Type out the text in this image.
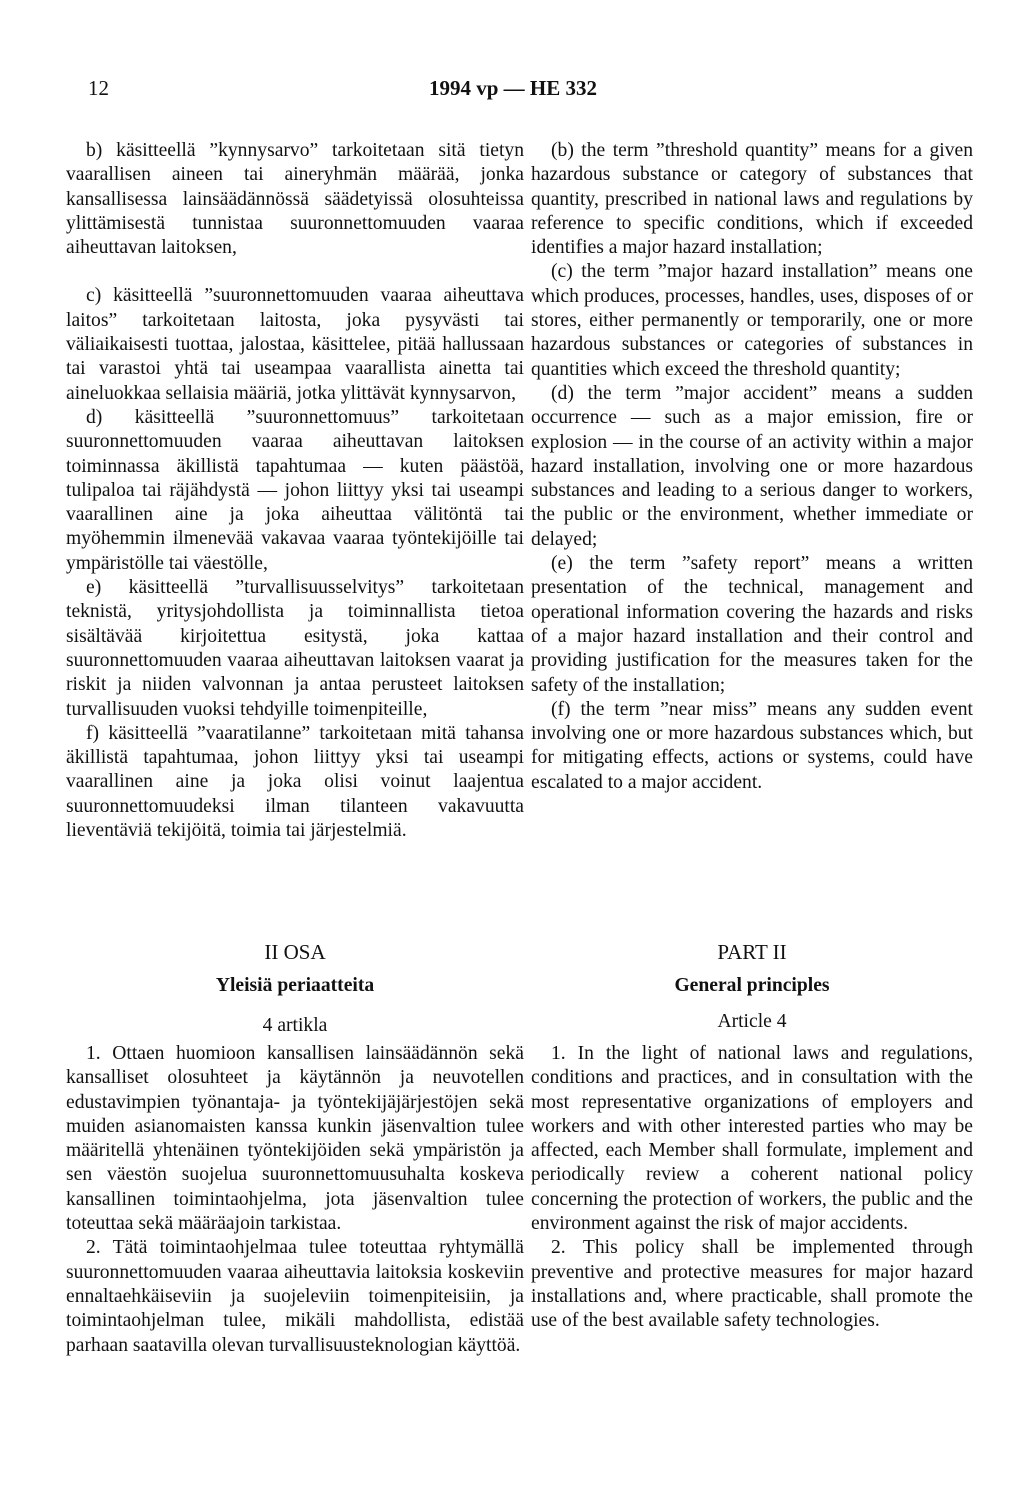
12	1994 vp — HE 332

b) käsitteellä ”kynnysarvo” tarkoitetaan sitä tietyn vaarallisen aineen tai aineryhmän määrää, jonka kansallisessa lainsäädännössä säädetyissä olosuhteissa ylittämisestä tunnistaa suuronnettomuuden vaaraa aiheuttavan laitoksen,

c) käsitteellä ”suuronnettomuuden vaaraa aiheuttava laitos” tarkoitetaan laitosta, joka pysyvästi tai väliaikaisesti tuottaa, jalostaa, käsittelee, pitää hallussaan tai varastoi yhtä tai useampaa vaarallista ainetta tai aineluokkaa sellaisia määriä, jotka ylittävät kynnysarvon,

d) käsitteellä ”suuronnettomuus” tarkoitetaan suuronnettomuuden vaaraa aiheuttavan laitoksen toiminnassa äkillistä tapahtumaa — kuten päästöä, tulipaloa tai räjähdystä — johon liittyy yksi tai useampi vaarallinen aine ja joka aiheuttaa välitöntä tai myöhemmin ilmenevää vakavaa vaaraa työntekijöille tai ympäristölle tai väestölle,

e) käsitteellä ”turvallisuusselvitys” tarkoitetaan teknistä, yritysjohdollista ja toiminnallista tietoa sisältävää kirjoitettua esitystä, joka kattaa suuronnettomuuden vaaraa aiheuttavan laitoksen vaarat ja riskit ja niiden valvonnan ja antaa perusteet laitoksen turvallisuuden vuoksi tehdyille toimenpiteille,

f) käsitteellä ”vaaratilanne” tarkoitetaan mitä tahansa äkillistä tapahtumaa, johon liittyy yksi tai useampi vaarallinen aine ja joka olisi voinut laajentua suuronnettomuudeksi ilman tilanteen vakavuutta lieventäviä tekijöitä, toimia tai järjestelmiä.

(b) the term ”threshold quantity” means for a given hazardous substance or category of substances that quantity, prescribed in national laws and regulations by reference to specific conditions, which if exceeded identifies a major hazard installation;

(c) the term ”major hazard installation” means one which produces, processes, handles, uses, disposes of or stores, either permanently or temporarily, one or more hazardous substances or categories of substances in quantities which exceed the threshold quantity;

(d) the term ”major accident” means a sudden occurrence — such as a major emission, fire or explosion — in the course of an activity within a major hazard installation, involving one or more hazardous substances and leading to a serious danger to workers, the public or the environment, whether immediate or delayed;

(e) the term ”safety report” means a written presentation of the technical, management and operational information covering the hazards and risks of a major hazard installation and their control and providing justification for the measures taken for the safety of the installation;

(f) the term ”near miss” means any sudden event involving one or more hazardous substances which, but for mitigating effects, actions or systems, could have escalated to a major accident.

II OSA
Yleisiä periaatteita
4 artikla
PART II
General principles
Article 4

1. Ottaen huomioon kansallisen lainsäädännön sekä kansalliset olosuhteet ja käytännön ja neuvotellen edustavimpien työnantaja- ja työntekijäjärjestöjen sekä muiden asianomaisten kanssa kunkin jäsenvaltion tulee määritellä yhtenäinen työntekijöiden sekä ympäristön ja sen väestön suojelua suuronnettomuusuhalta koskeva kansallinen toimintaohjelma, jota jäsenvaltion tulee toteuttaa sekä määräajoin tarkistaa.

2. Tätä toimintaohjelmaa tulee toteuttaa ryhtymällä suuronnettomuuden vaaraa aiheuttavia laitoksia koskeviin ennaltaehkäiseviin ja suojeleviin toimenpiteisiin, ja toimintaohjelman tulee, mikäli mahdollista, edistää parhaan saatavilla olevan turvallisuusteknologian käyttöä.

1. In the light of national laws and regulations, conditions and practices, and in consultation with the most representative organizations of employers and workers and with other interested parties who may be affected, each Member shall formulate, implement and periodically review a coherent national policy concerning the protection of workers, the public and the environment against the risk of major accidents.

2. This policy shall be implemented through preventive and protective measures for major hazard installations and, where practicable, shall promote the use of the best available safety technologies.
